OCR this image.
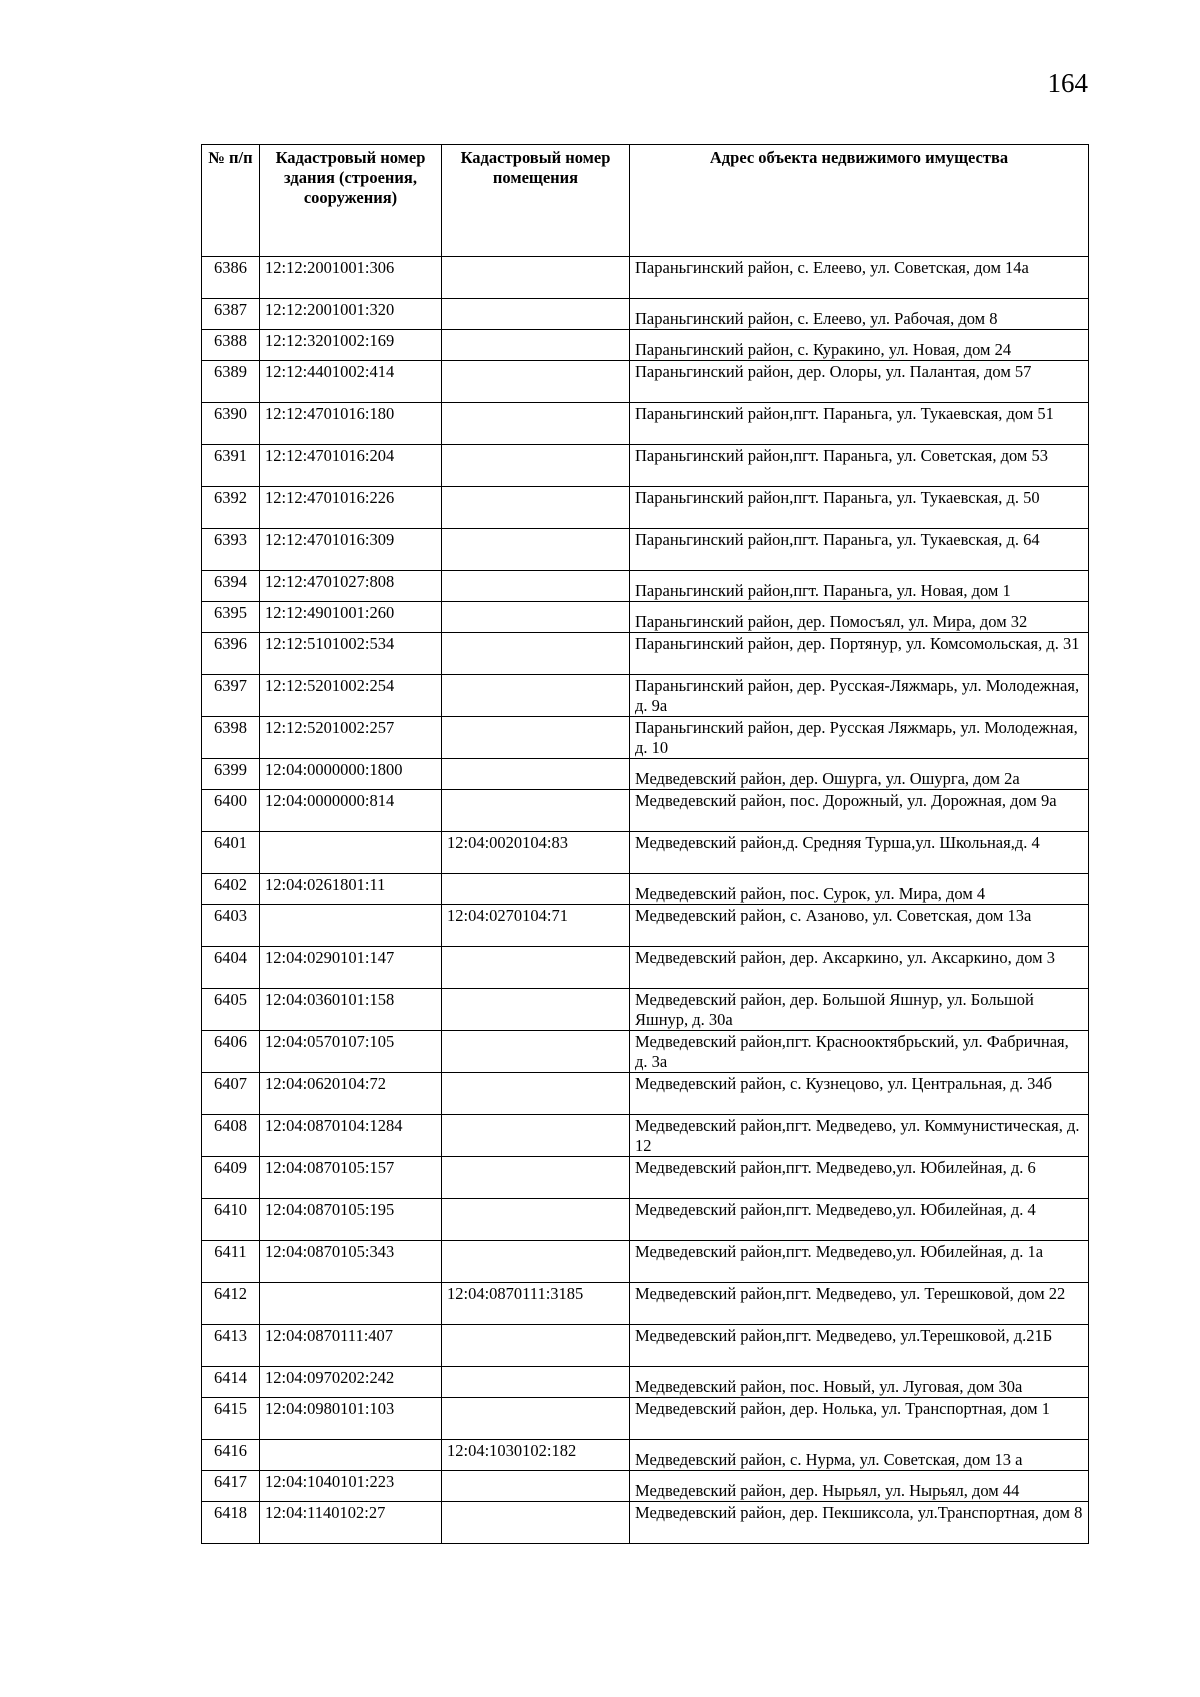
164
№ п/п	Кадастровый номер здания (строения, сооружения)	Кадастровый номер помещения	Адрес объекта недвижимого имущества
6386	12:12:2001001:306		Параньгинский район, с. Елеево, ул. Советская, дом 14а
6387	12:12:2001001:320		Параньгинский район, с. Елеево, ул. Рабочая, дом 8
6388	12:12:3201002:169		Параньгинский район, с. Куракино, ул. Новая, дом 24
6389	12:12:4401002:414		Параньгинский район, дер. Олоры, ул. Палантая, дом 57
6390	12:12:4701016:180		Параньгинский район,пгт. Параньга, ул. Тукаевская, дом 51
6391	12:12:4701016:204		Параньгинский район,пгт. Параньга, ул. Советская, дом 53
6392	12:12:4701016:226		Параньгинский район,пгт. Параньга, ул. Тукаевская, д. 50
6393	12:12:4701016:309		Параньгинский район,пгт. Параньга, ул. Тукаевская, д. 64
6394	12:12:4701027:808		Параньгинский район,пгт. Параньга, ул. Новая, дом 1
6395	12:12:4901001:260		Параньгинский район, дер. Помосъял, ул. Мира, дом 32
6396	12:12:5101002:534		Параньгинский район, дер. Портянур, ул. Комсомольская, д. 31
6397	12:12:5201002:254		Параньгинский район, дер. Русская-Ляжмарь, ул. Молодежная, д. 9а
6398	12:12:5201002:257		Параньгинский район, дер. Русская Ляжмарь, ул. Молодежная, д. 10
6399	12:04:0000000:1800		Медведевский район, дер. Ошурга, ул. Ошурга, дом 2а
6400	12:04:0000000:814		Медведевский район, пос. Дорожный, ул. Дорожная, дом 9а
6401		12:04:0020104:83	Медведевский район,д. Средняя Турша,ул. Школьная,д. 4
6402	12:04:0261801:11		Медведевский район, пос. Сурок, ул. Мира, дом 4
6403		12:04:0270104:71	Медведевский район, с. Азаново, ул. Советская, дом 13а
6404	12:04:0290101:147		Медведевский район, дер. Аксаркино, ул. Аксаркино, дом 3
6405	12:04:0360101:158		Медведевский район, дер. Большой Яшнур, ул. Большой Яшнур, д. 30а
6406	12:04:0570107:105		Медведевский район,пгт. Краснооктябрьский, ул. Фабричная, д. 3а
6407	12:04:0620104:72		Медведевский район, с. Кузнецово, ул. Центральная, д. 34б
6408	12:04:0870104:1284		Медведевский район,пгт. Медведево, ул. Коммунистическая, д. 12
6409	12:04:0870105:157		Медведевский район,пгт. Медведево,ул. Юбилейная, д. 6
6410	12:04:0870105:195		Медведевский район,пгт. Медведево,ул. Юбилейная, д. 4
6411	12:04:0870105:343		Медведевский район,пгт. Медведево,ул. Юбилейная, д. 1а
6412		12:04:0870111:3185	Медведевский район,пгт. Медведево, ул. Терешковой, дом 22
6413	12:04:0870111:407		Медведевский район,пгт. Медведево, ул.Терешковой, д.21Б
6414	12:04:0970202:242		Медведевский район, пос. Новый, ул. Луговая, дом 30а
6415	12:04:0980101:103		Медведевский район, дер. Нолька, ул. Транспортная, дом 1
6416		12:04:1030102:182	Медведевский район, с. Нурма, ул. Советская, дом 13 а
6417	12:04:1040101:223		Медведевский район, дер. Нырьял, ул. Нырьял, дом 44
6418	12:04:1140102:27		Медведевский район, дер. Пекшиксола, ул.Транспортная, дом 8
